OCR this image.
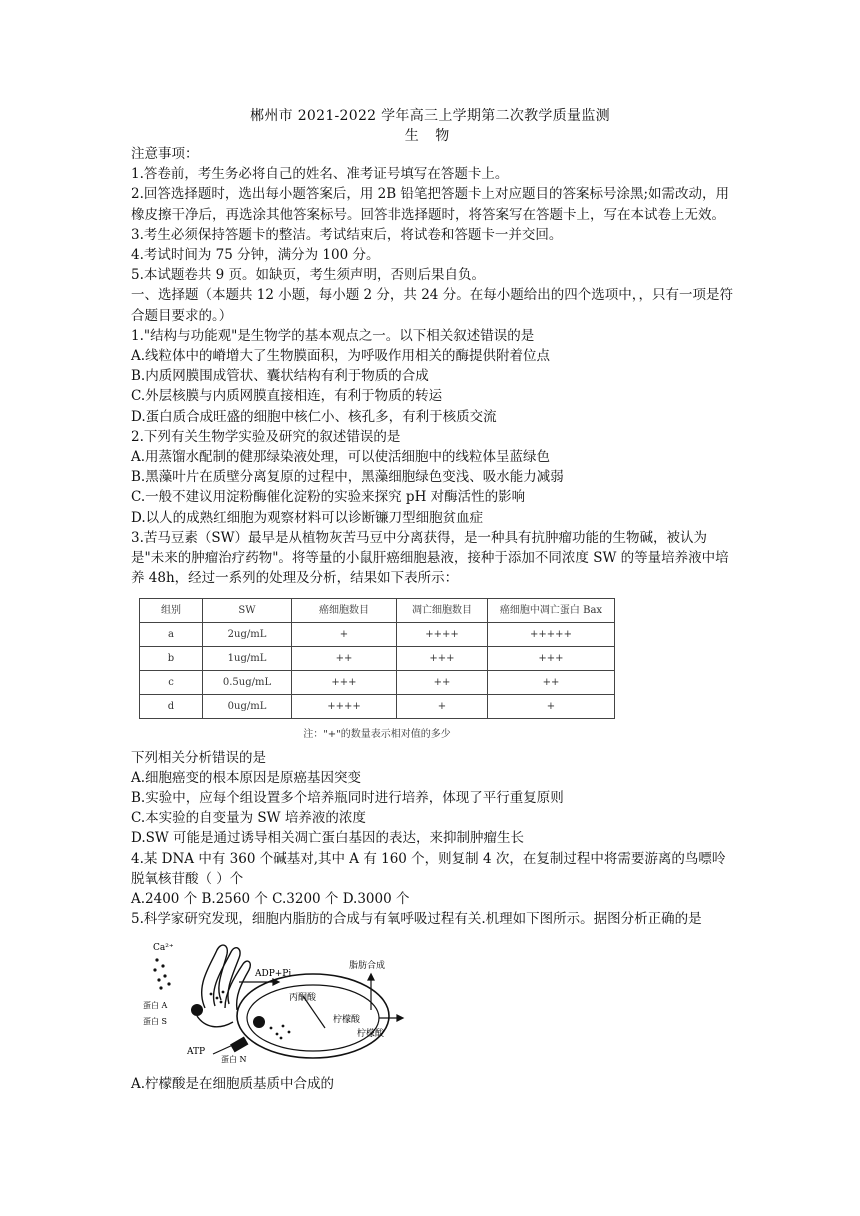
郴州市 2021-2022 学年高三上学期第二次教学质量监测
生 物

注意事项：

1.答卷前，考生务必将自己的姓名、准考证号填写在答题卡上。

2.回答选择题时，选出每小题答案后，用 2B 铅笔把答题卡上对应题目的答案标号涂黑;如需改动，用橡皮擦干净后，再选涂其他答案标号。回答非选择题时，将答案写在答题卡上，写在本试卷上无效。

3.考生必须保持答题卡的整洁。考试结束后，将试卷和答题卡一并交回。

4.考试时间为 75 分钟，满分为 100 分。

5.本试题卷共 9 页。如缺页，考生须声明，否则后果自负。

一、选择题（本题共 12 小题，每小题 2 分，共 24 分。在每小题给出的四个选项中，，只有一项是符合题目要求的。）

1."结构与功能观"是生物学的基本观点之一。以下相关叙述错误的是

A.线粒体中的嵴增大了生物膜面积，为呼吸作用相关的酶提供附着位点

B.内质网膜围成管状、囊状结构有利于物质的合成

C.外层核膜与内质网膜直接相连，有利于物质的转运

D.蛋白质合成旺盛的细胞中核仁小、核孔多，有利于核质交流

2.下列有关生物学实验及研究的叙述错误的是

A.用蒸馏水配制的健那绿染液处理，可以使活细胞中的线粒体呈蓝绿色

B.黑藻叶片在质壁分离复原的过程中，黑藻细胞绿色变浅、吸水能力减弱

C.一般不建议用淀粉酶催化淀粉的实验来探究 pH 对酶活性的影响

D.以人的成熟红细胞为观察材料可以诊断镰刀型细胞贫血症

3.苦马豆素（SW）最早是从植物灰苦马豆中分离获得，是一种具有抗肿瘤功能的生物碱，被认为是"未来的肿瘤治疗药物"。将等量的小鼠肝癌细胞悬液，接种于添加不同浓度 SW 的等量培养液中培养 48h，经过一系列的处理及分析，结果如下表所示：

组别	SW	癌细胞数目	凋亡细胞数目	癌细胞中凋亡蛋白 Bax
a	2ug/mL	+	++++	+++++
b	1ug/mL	++	+++	+++
c	0.5ug/mL	+++	++	++
d	0ug/mL	++++	+	+
注："+"的数量表示相对值的多少

下列相关分析错误的是

A.细胞癌变的根本原因是原癌基因突变

B.实验中，应每个组设置多个培养瓶同时进行培养，体现了平行重复原则

C.本实验的自变量为 SW 培养液的浓度

D.SW 可能是通过诱导相关凋亡蛋白基因的表达，来抑制肿瘤生长

4.某 DNA 中有 360 个碱基对,其中 A 有 160 个，则复制 4 次，在复制过程中将需要游离的鸟嘌呤脱氧核苷酸（ ）个

A.2400 个 B.2560 个 C.3200 个 D.3000 个

5.科学家研究发现，细胞内脂肪的合成与有氧呼吸过程有关.机理如下图所示。据图分析正确的是

Ca²⁺
ADP+Pi
蛋白 A
蛋白 S
ATP
蛋白 N
丙酮酸
柠檬酸
柠檬酸
脂肪合成

A.柠檬酸是在细胞质基质中合成的
